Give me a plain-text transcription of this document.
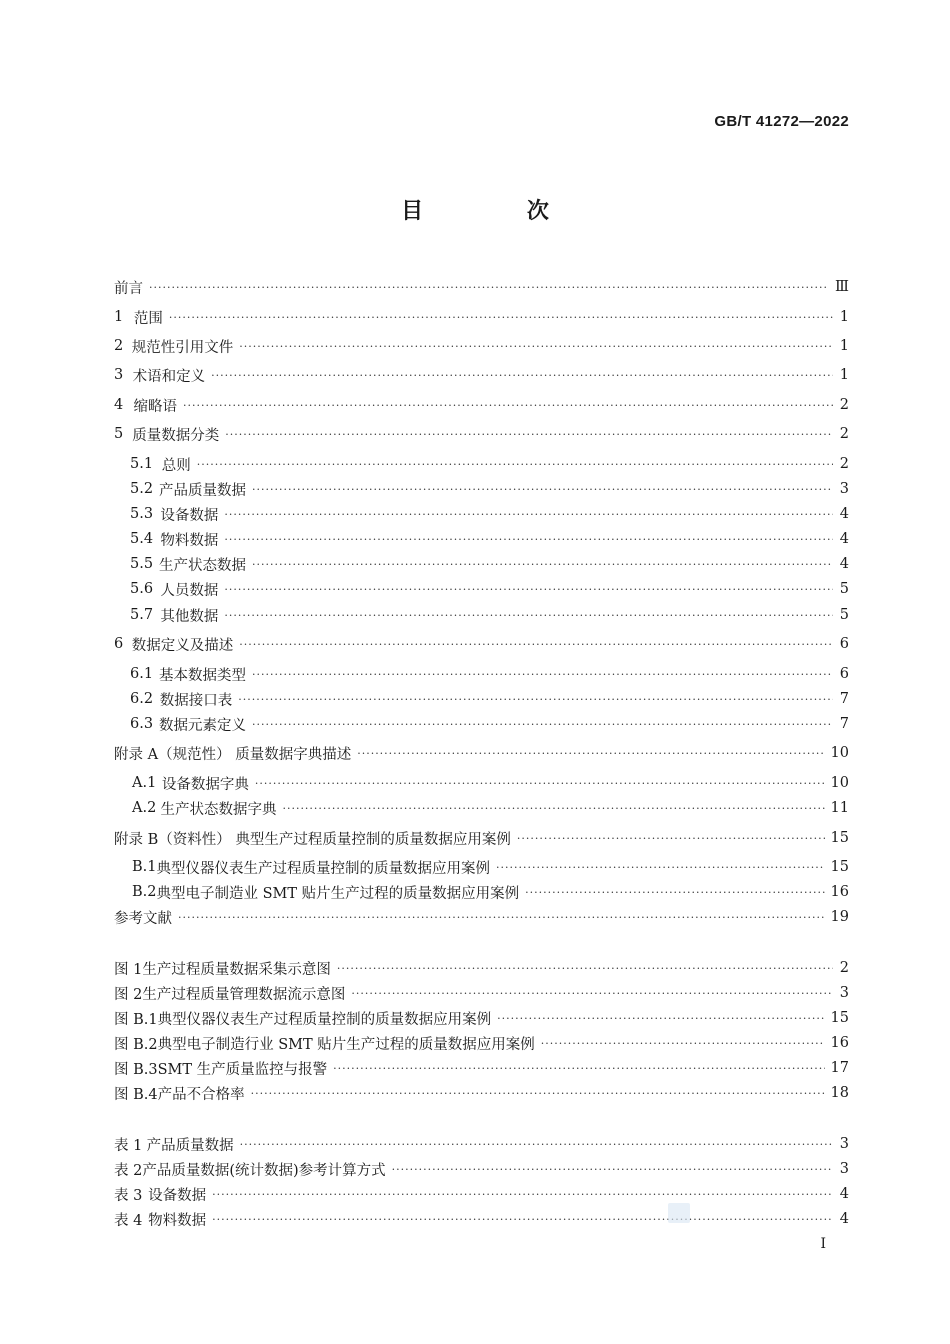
GB/T 41272—2022
目 次
前言 ·····	Ⅲ
1 范围 ·····	1
2 规范性引用文件 ·····	1
3 术语和定义 ·····	1
4 缩略语 ·····	2
5 质量数据分类 ·····	2
5.1 总则 ·····	2
5.2 产品质量数据 ·····	3
5.3 设备数据 ·····	4
5.4 物料数据 ·····	4
5.5 生产状态数据 ·····	4
5.6 人员数据 ·····	5
5.7 其他数据 ·····	5
6 数据定义及描述 ·····	6
6.1 基本数据类型 ·····	6
6.2 数据接口表 ·····	7
6.3 数据元素定义 ·····	7
附录 A（规范性） 质量数据字典描述 ·····	10
A.1 设备数据字典 ·····	10
A.2 生产状态数据字典 ·····	11
附录 B（资料性） 典型生产过程质量控制的质量数据应用案例 ·····	15
B.1 典型仪器仪表生产过程质量控制的质量数据应用案例 ·····	15
B.2 典型电子制造业 SMT 贴片生产过程的质量数据应用案例 ·····	16
参考文献 ·····	19
图 1 生产过程质量数据采集示意图 ·····	2
图 2 生产过程质量管理数据流示意图 ·····	3
图 B.1 典型仪器仪表生产过程质量控制的质量数据应用案例 ·····	15
图 B.2 典型电子制造行业 SMT 贴片生产过程的质量数据应用案例 ·····	16
图 B.3 SMT 生产质量监控与报警 ·····	17
图 B.4 产品不合格率 ·····	18
表 1 产品质量数据 ·····	3
表 2 产品质量数据(统计数据)参考计算方式 ·····	3
表 3 设备数据 ·····	4
表 4 物料数据 ·····	4
I
